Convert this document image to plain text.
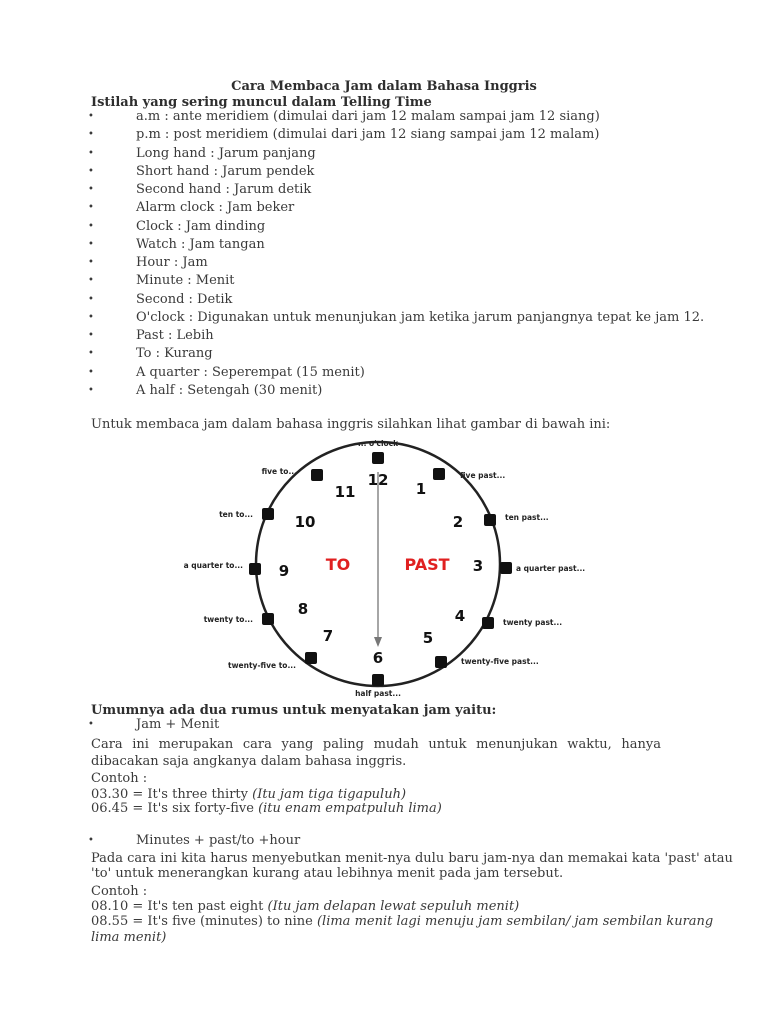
Cara Membaca Jam dalam Bahasa Inggris
Istilah yang sering muncul dalam Telling Time
•	a.m : ante meridiem (dimulai dari jam 12 malam sampai jam 12 siang)
•	p.m : post meridiem (dimulai dari jam 12 siang sampai jam 12 malam)
•	Long hand : Jarum panjang
•	Short hand : Jarum pendek
•	Second hand : Jarum detik
•	Alarm clock : Jam beker
•	Clock : Jam dinding
•	Watch : Jam tangan
•	Hour : Jam
•	Minute : Menit
•	Second : Detik
•	O'clock : Digunakan untuk menunjukan jam ketika jarum panjangnya tepat ke jam 12.
•	Past : Lebih
•	To : Kurang
•	A quarter : Seperempat (15 menit)
•	A half : Setengah (30 menit)

Untuk membaca jam dalam bahasa inggris silahkan lihat gambar di bawah ini:

12 1
2
3
4
5
6
7
8
9
10
11
TO	PAST
... o'clock
half past...
five past...
ten past...
a quarter past...
twenty past...
twenty-five past...
five to...
ten to...
a quarter to...
twenty to...
twenty-five to...
Umumnya ada dua rumus untuk menyatakan jam yaitu:
•	Jam + Menit

Cara ini merupakan cara yang paling mudah untuk menunjukan waktu, hanya dibacakan saja angkanya dalam bahasa inggris.

Contoh :

03.30 = It's three thirty (Itu jam tiga tigapuluh)

06.45 = It's six forty-five (itu enam empatpuluh lima)

•	Minutes + past/to +hour

Pada cara ini kita harus menyebutkan menit-nya dulu baru jam-nya dan memakai kata 'past' atau

'to' untuk menerangkan kurang atau lebihnya menit pada jam tersebut.

Contoh :

08.10 = It's ten past eight (Itu jam delapan lewat sepuluh menit)

08.55 = It's five (minutes) to nine (lima menit lagi menuju jam sembilan/ jam sembilan kurang

lima menit)
